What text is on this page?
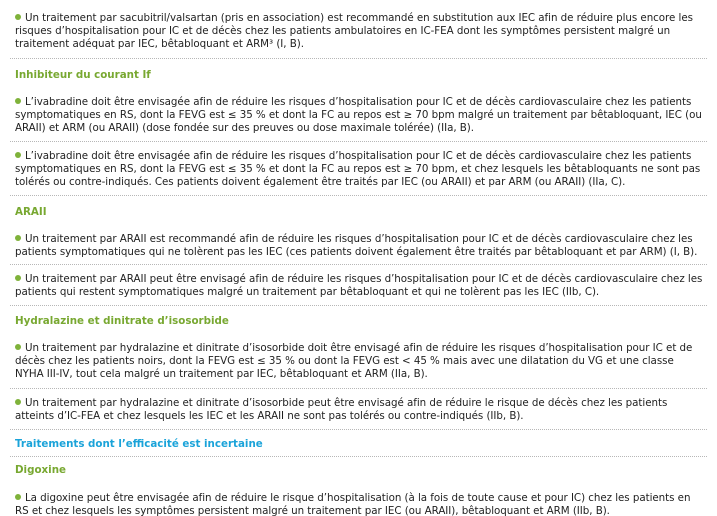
Un traitement par sacubitril/valsartan (pris en association) est recommandé en substitution aux IEC afin de réduire plus encore les risques d’hospitalisation pour IC et de décès chez les patients ambulatoires en IC-FEA dont les symptômes persistent malgré un traitement adéquat par IEC, bêtabloquant et ARM³ (I, B).

Inhibiteur du courant If

L’ivabradine doit être envisagée afin de réduire les risques d’hospitalisation pour IC et de décès cardiovasculaire chez les patients symptomatiques en RS, dont la FEVG est ≤ 35 % et dont la FC au repos est ≥ 70 bpm malgré un traitement par bêtabloquant, IEC (ou ARAII) et ARM (ou ARAII) (dose fondée sur des preuves ou dose maximale tolérée) (IIa, B).

L’ivabradine doit être envisagée afin de réduire les risques d’hospitalisation pour IC et de décès cardiovasculaire chez les patients symptomatiques en RS, dont la FEVG est ≤ 35 % et dont la FC au repos est ≥ 70 bpm, et chez lesquels les bêtabloquants ne sont pas tolérés ou contre-indiqués. Ces patients doivent également être traités par IEC (ou ARAII) et par ARM (ou ARAII) (IIa, C).

ARAII

Un traitement par ARAII est recommandé afin de réduire les risques d’hospitalisation pour IC et de décès cardiovasculaire chez les patients symptomatiques qui ne tolèrent pas les IEC (ces patients doivent également être traités par bêtabloquant et par ARM) (I, B).

Un traitement par ARAII peut être envisagé afin de réduire les risques d’hospitalisation pour IC et de décès cardiovasculaire chez les patients qui restent symptomatiques malgré un traitement par bêtabloquant et qui ne tolèrent pas les IEC (IIb, C).

Hydralazine et dinitrate d’isosorbide

Un traitement par hydralazine et dinitrate d’isosorbide doit être envisagé afin de réduire les risques d’hospitalisation pour IC et de décès chez les patients noirs, dont la FEVG est ≤ 35 % ou dont la FEVG est < 45 % mais avec une dilatation du VG et une classe NYHA III-IV, tout cela malgré un traitement par IEC, bêtabloquant et ARM (IIa, B).

Un traitement par hydralazine et dinitrate d’isosorbide peut être envisagé afin de réduire le risque de décès chez les patients atteints d’IC-FEA et chez lesquels les IEC et les ARAII ne sont pas tolérés ou contre-indiqués (IIb, B).

Traitements dont l’efficacité est incertaine

Digoxine

La digoxine peut être envisagée afin de réduire le risque d’hospitalisation (à la fois de toute cause et pour IC) chez les patients en RS et chez lesquels les symptômes persistent malgré un traitement par IEC (ou ARAII), bêtabloquant et ARM (IIb, B).
